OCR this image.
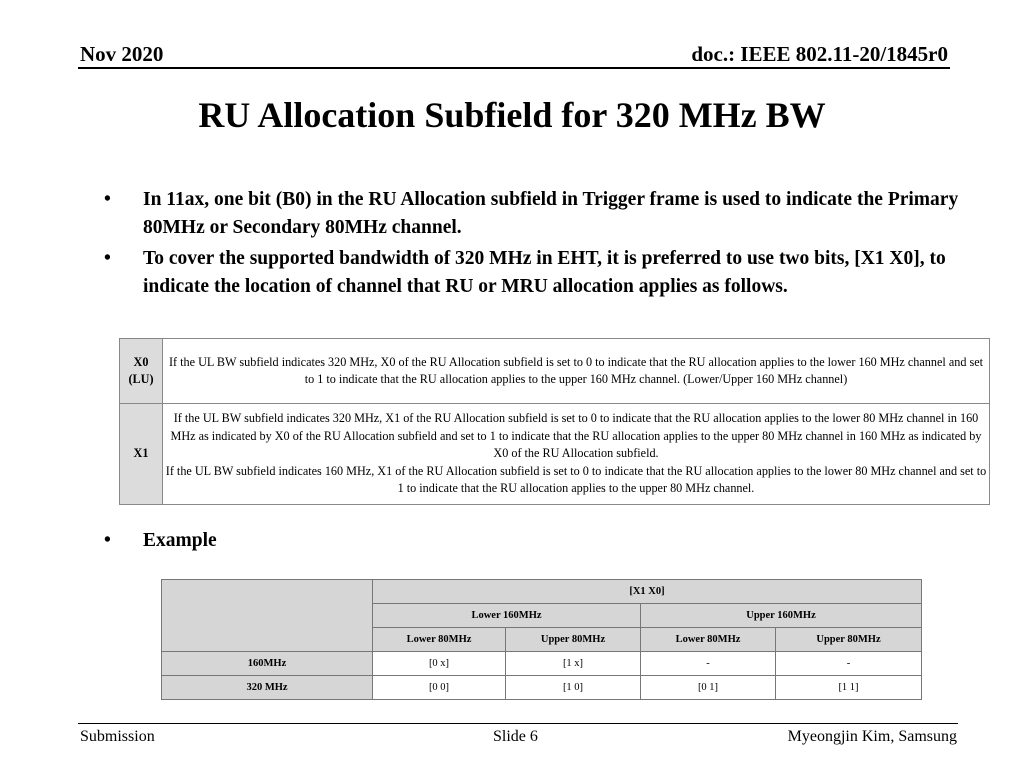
Nov 2020	doc.: IEEE 802.11-20/1845r0
RU Allocation Subfield for 320 MHz BW
• In 11ax, one bit (B0) in the RU Allocation subfield in Trigger frame is used to indicate the Primary 80MHz or Secondary 80MHz channel.
• To cover the supported bandwidth of 320 MHz in EHT, it is preferred to use two bits, [X1 X0], to indicate the location of channel that RU or MRU allocation applies as follows.
X0
(LU)	If the UL BW subfield indicates 320 MHz, X0 of the RU Allocation subfield is set to 0 to indicate that the RU allocation applies to the lower 160 MHz channel and set to 1 to indicate that the RU allocation applies to the upper 160 MHz channel. (Lower/Upper 160 MHz channel)
X1	If the UL BW subfield indicates 320 MHz, X1 of the RU Allocation subfield is set to 0 to indicate that the RU allocation applies to the lower 80 MHz channel in 160 MHz as indicated by X0 of the RU Allocation subfield and set to 1 to indicate that the RU allocation applies to the upper 80 MHz channel in 160 MHz as indicated by X0 of the RU Allocation subfield.
If the UL BW subfield indicates 160 MHz, X1 of the RU Allocation subfield is set to 0 to indicate that the RU allocation applies to the lower 80 MHz channel and set to 1 to indicate that the RU allocation applies to the upper 80 MHz channel.
• Example
	[X1 X0]			
	Lower 160MHz		Upper 160MHz	
	Lower 80MHz	Upper 80MHz	Lower 80MHz	Upper 80MHz
160MHz	[0 x]	[1 x]	-	-
320 MHz	[0 0]	[1 0]	[0 1]	[1 1]
Submission	Slide 6	Myeongjin Kim, Samsung
